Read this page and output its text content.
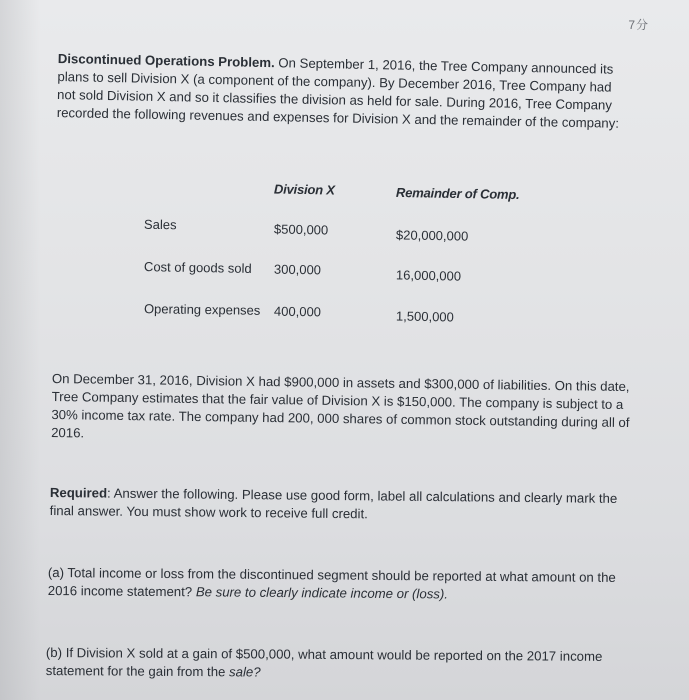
7分
Discontinued Operations Problem. On September 1, 2016, the Tree Company announced its plans to sell Division X (a component of the company). By December 2016, Tree Company had not sold Division X and so it classifies the division as held for sale. During 2016, Tree Company recorded the following revenues and expenses for Division X and the remainder of the company:
Division X	Remainder of Comp.
Sales	$500,000	$20,000,000
Cost of goods sold 300,000	16,000,000
Operating expenses 400,000	1,500,000
On December 31, 2016, Division X had $900,000 in assets and $300,000 of liabilities. On this date, Tree Company estimates that the fair value of Division X is $150,000. The company is subject to a 30% income tax rate. The company had 200, 000 shares of common stock outstanding during all of 2016.
Required: Answer the following. Please use good form, label all calculations and clearly mark the final answer. You must show work to receive full credit.
(a) Total income or loss from the discontinued segment should be reported at what amount on the 2016 income statement? Be sure to clearly indicate income or (loss).
(b) If Division X sold at a gain of $500,000, what amount would be reported on the 2017 income statement for the gain from the sale?
